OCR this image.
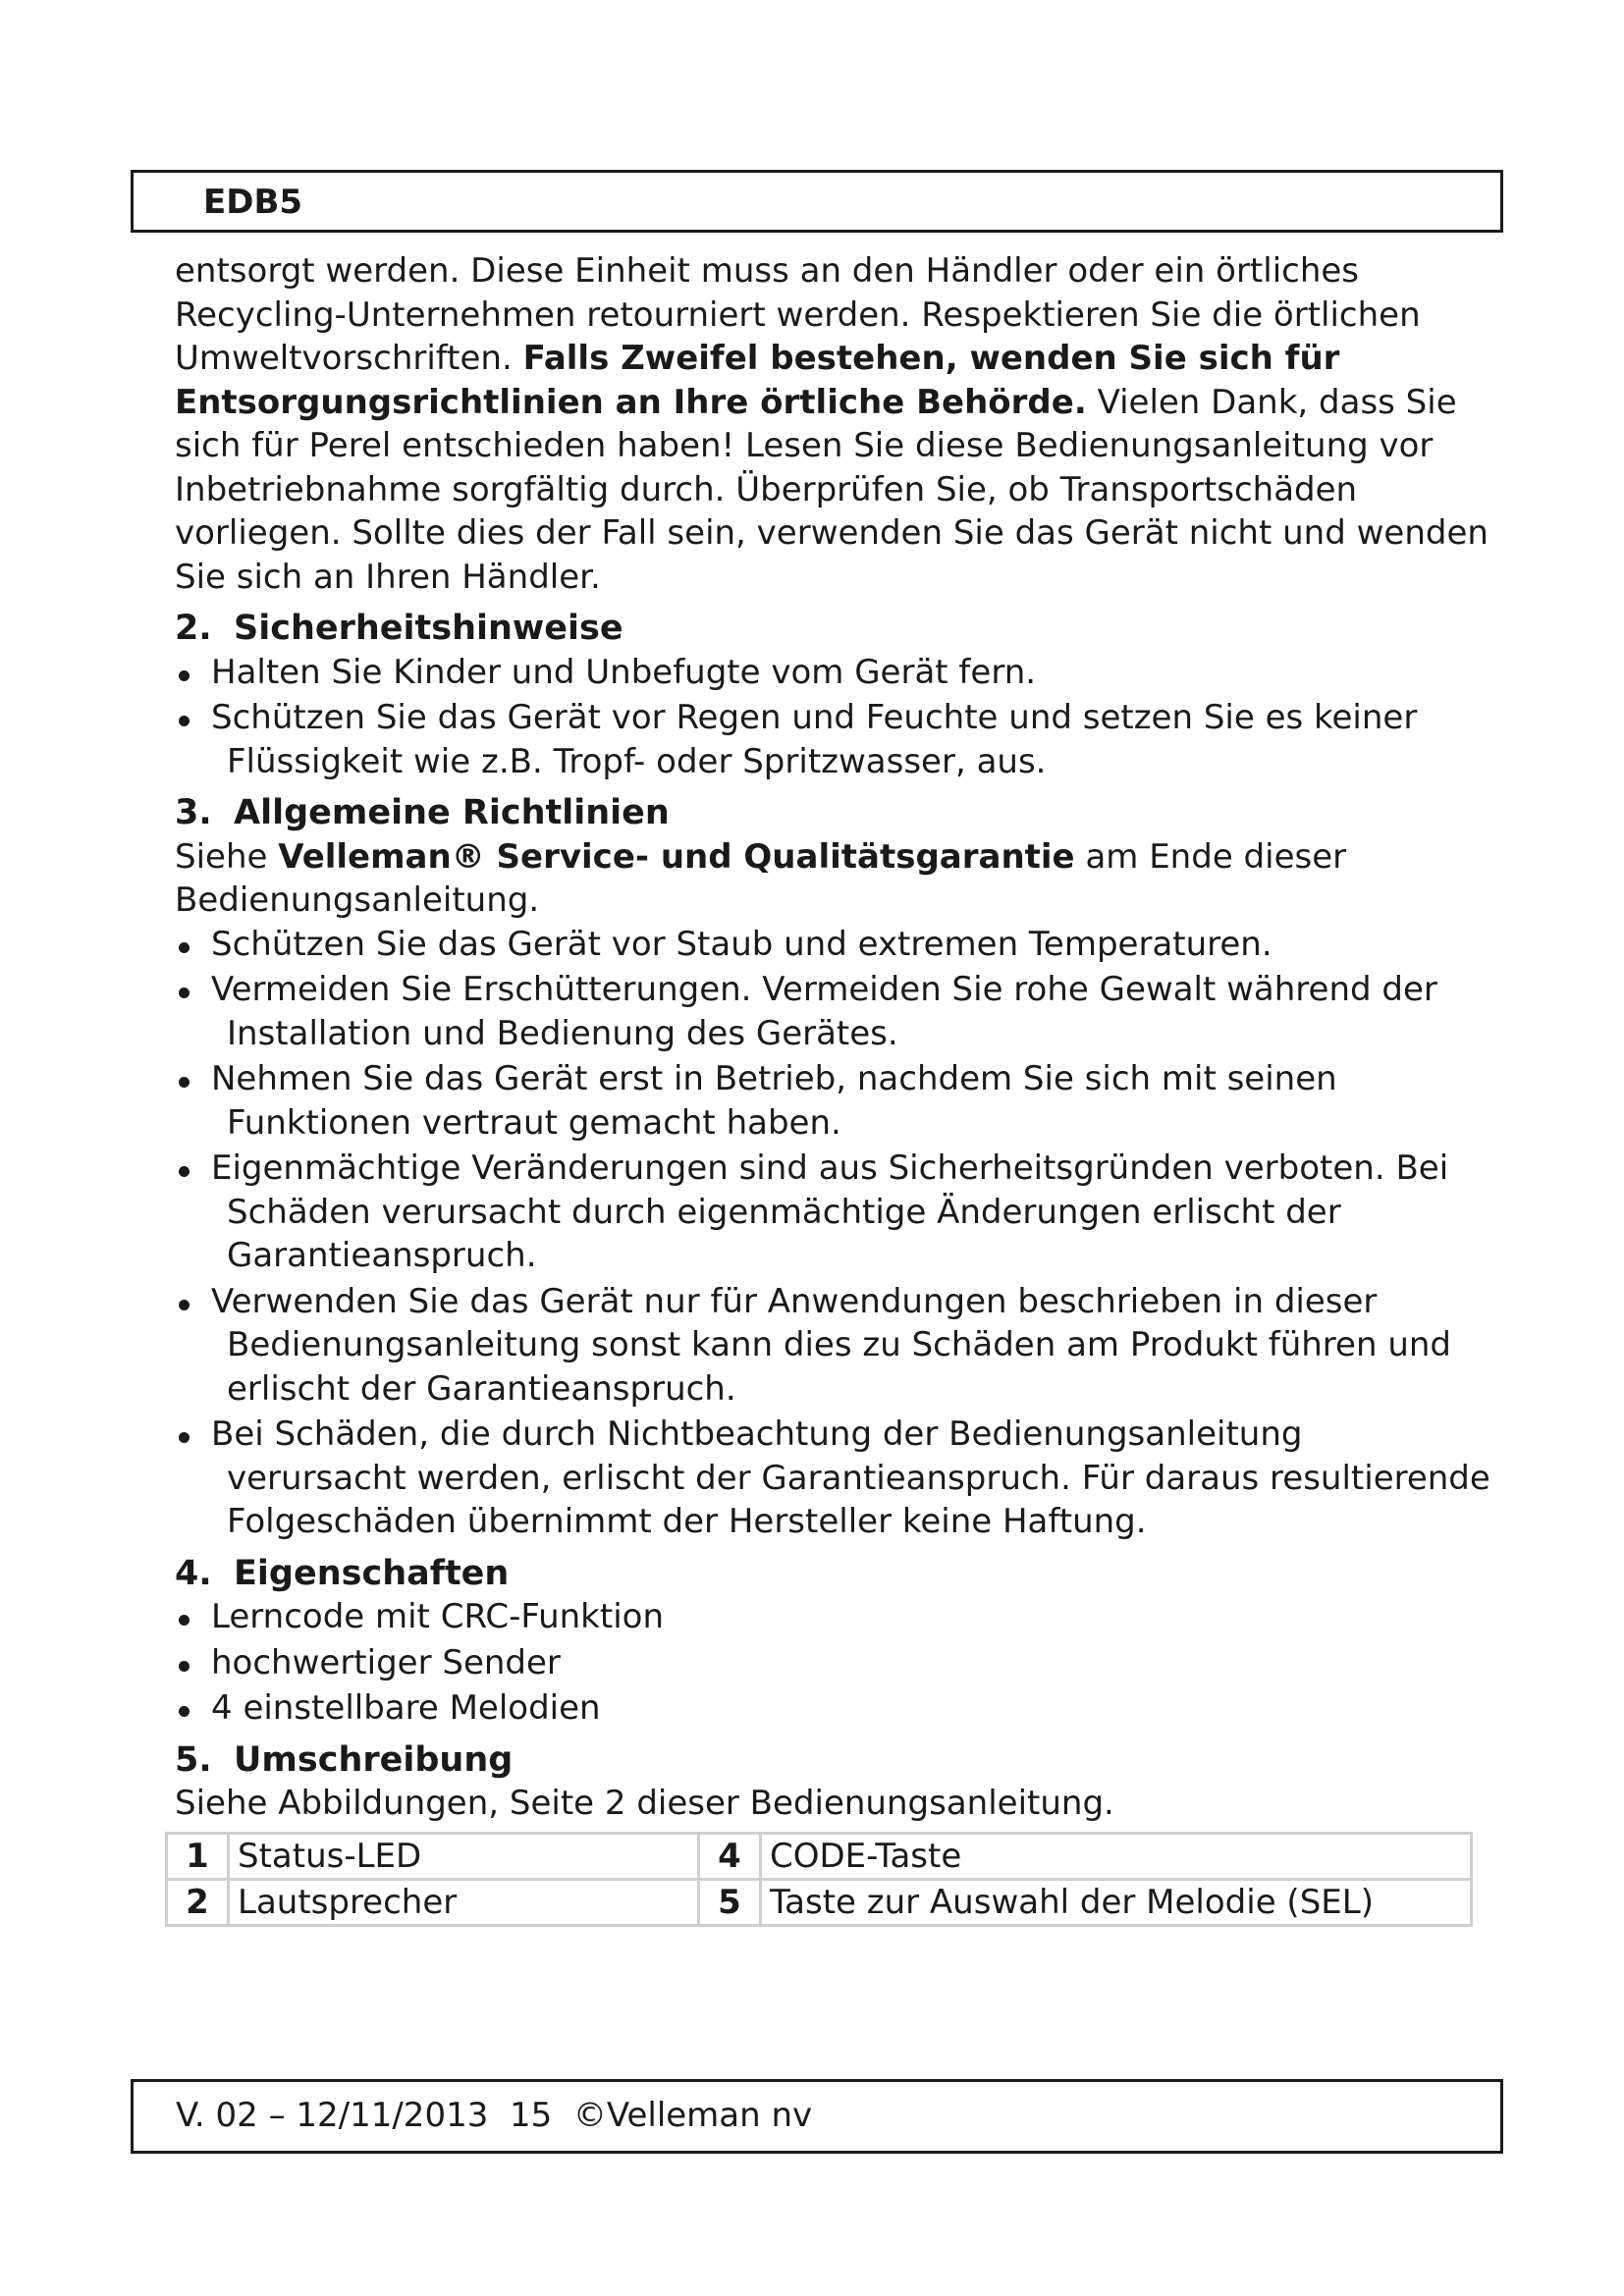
EDB5

entsorgt werden. Diese Einheit muss an den Händler oder ein örtliches Recycling-Unternehmen retourniert werden. Respektieren Sie die örtlichen Umweltvorschriften. Falls Zweifel bestehen, wenden Sie sich für Entsorgungsrichtlinien an Ihre örtliche Behörde. Vielen Dank, dass Sie sich für Perel entschieden haben! Lesen Sie diese Bedienungsanleitung vor Inbetriebnahme sorgfältig durch. Überprüfen Sie, ob Transportschäden vorliegen. Sollte dies der Fall sein, verwenden Sie das Gerät nicht und wenden Sie sich an Ihren Händler.

2. Sicherheitshinweise
Halten Sie Kinder und Unbefugte vom Gerät fern.
Schützen Sie das Gerät vor Regen und Feuchte und setzen Sie es keiner Flüssigkeit wie z.B. Tropf- oder Spritzwasser, aus.
3. Allgemeine Richtlinien

Siehe Velleman® Service- und Qualitätsgarantie am Ende dieser Bedienungsanleitung.

Schützen Sie das Gerät vor Staub und extremen Temperaturen.
Vermeiden Sie Erschütterungen. Vermeiden Sie rohe Gewalt während der Installation und Bedienung des Gerätes.
Nehmen Sie das Gerät erst in Betrieb, nachdem Sie sich mit seinen Funktionen vertraut gemacht haben.
Eigenmächtige Veränderungen sind aus Sicherheitsgründen verboten. Bei Schäden verursacht durch eigenmächtige Änderungen erlischt der Garantieanspruch.
Verwenden Sie das Gerät nur für Anwendungen beschrieben in dieser Bedienungsanleitung sonst kann dies zu Schäden am Produkt führen und erlischt der Garantieanspruch.
Bei Schäden, die durch Nichtbeachtung der Bedienungsanleitung verursacht werden, erlischt der Garantieanspruch. Für daraus resultierende Folgeschäden übernimmt der Hersteller keine Haftung.
4. Eigenschaften
Lerncode mit CRC-Funktion
hochwertiger Sender
4 einstellbare Melodien
5. Umschreibung

Siehe Abbildungen, Seite 2 dieser Bedienungsanleitung.

1	Status-LED	4	CODE-Taste
2	Lautsprecher	5	Taste zur Auswahl der Melodie (SEL)
V. 02 – 12/11/2013  15  ©Velleman nv
